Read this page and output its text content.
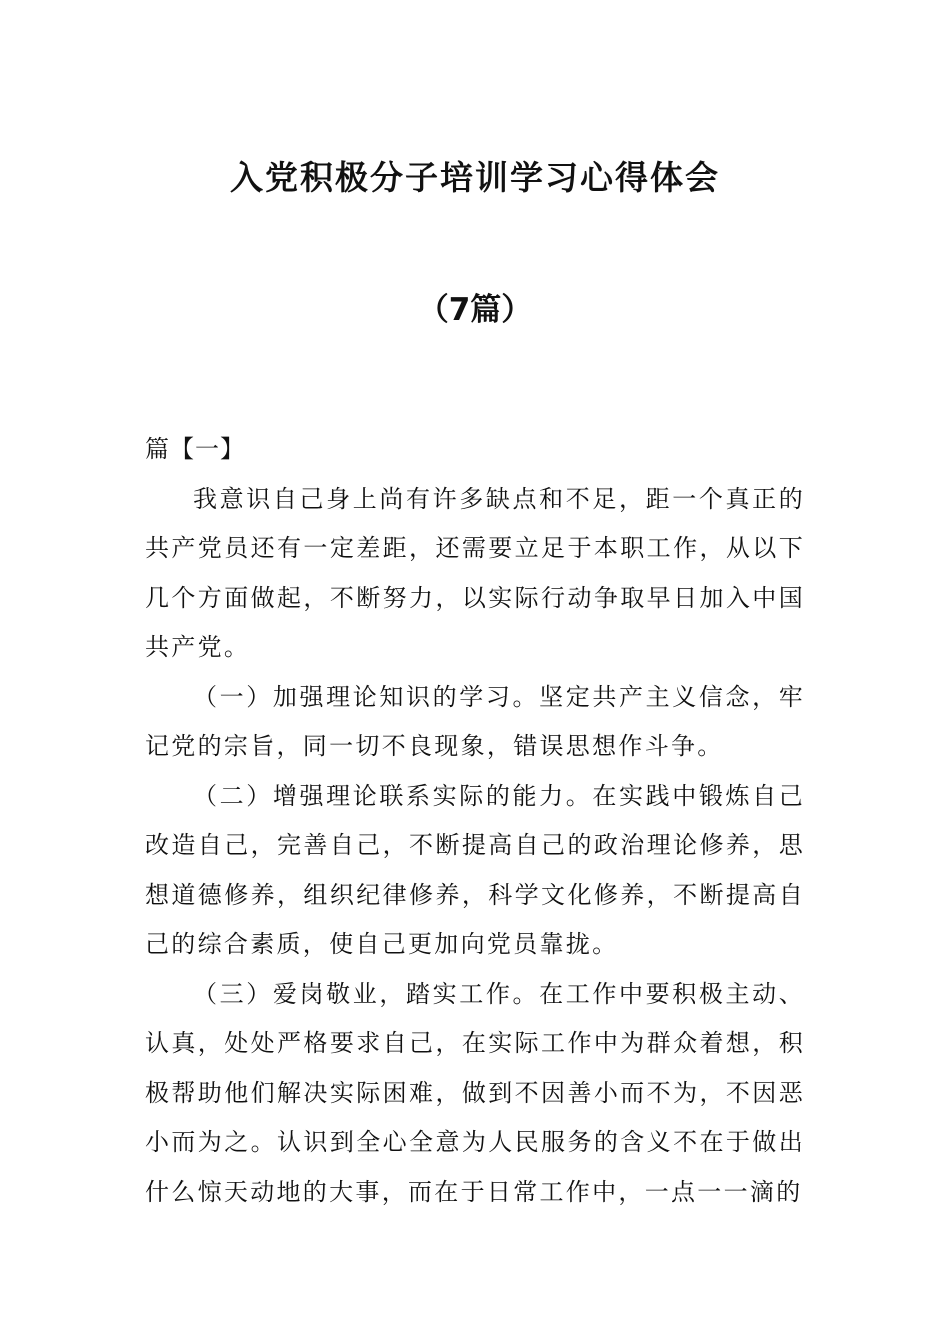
入党积极分子培训学习心得体会
（7篇）

篇【一】

我意识自己身上尚有许多缺点和不足，距一个真正的共产党员还有一定差距，还需要立足于本职工作，从以下几个方面做起，不断努力，以实际行动争取早日加入中国共产党。

（一）加强理论知识的学习。坚定共产主义信念，牢记党的宗旨，同一切不良现象，错误思想作斗争。

（二）增强理论联系实际的能力。在实践中锻炼自己改造自己，完善自己，不断提高自己的政治理论修养，思想道德修养，组织纪律修养，科学文化修养，不断提高自己的综合素质，使自己更加向党员靠拢。

（三）爱岗敬业，踏实工作。在工作中要积极主动、认真，处处严格要求自己，在实际工作中为群众着想，积极帮助他们解决实际困难，做到不因善小而不为，不因恶小而为之。认识到全心全意为人民服务的含义不在于做出什么惊天动地的大事，而在于日常工作中，一点一一滴的
